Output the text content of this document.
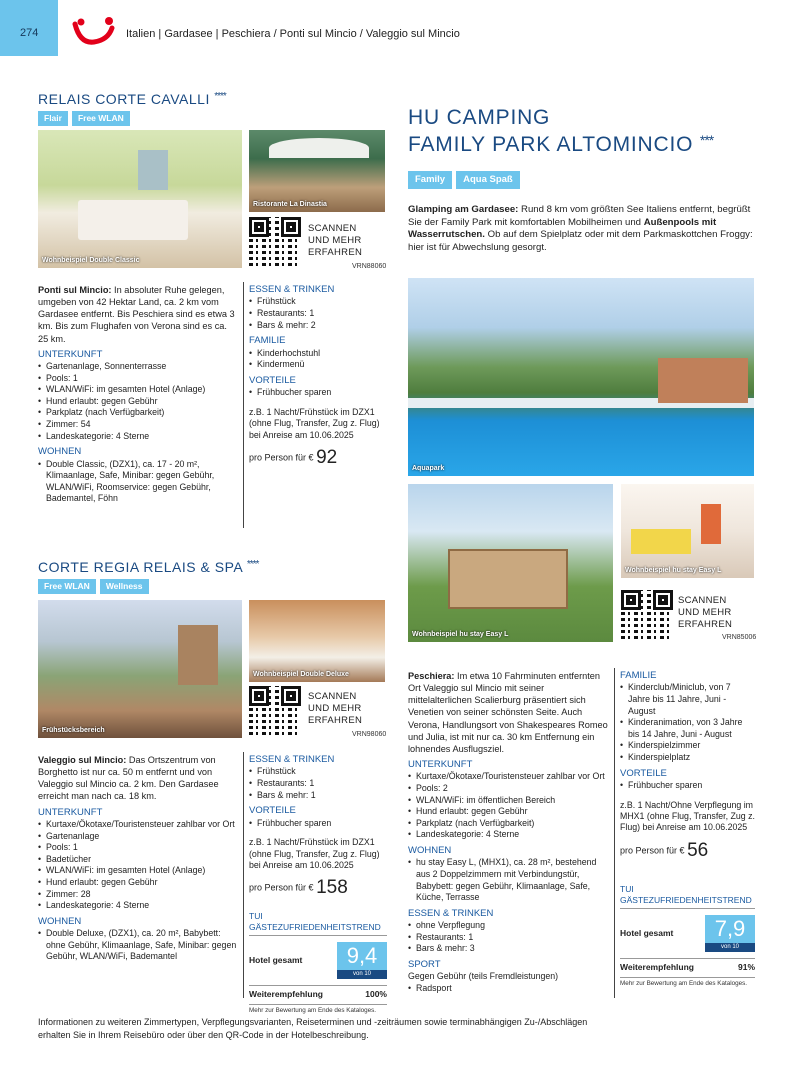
274	Italien | Gardasee | Peschiera / Ponti sul Mincio / Valeggio sul Mincio
RELAIS CORTE CAVALLI ****
Flair	Free WLAN
Wohnbeispiel Double Classic
Ristorante La Dinastia
SCANNEN
UND MEHR
ERFAHREN
VRN88060
Ponti sul Mincio: In absoluter Ruhe gelegen, umgeben von 42 Hektar Land, ca. 2 km vom Gardasee entfernt. Bis Peschiera sind es etwa 3 km. Bis zum Flughafen von Verona sind es ca. 25 km.
UNTERKUNFT
• Gartenanlage, Sonnenterrasse
• Pools: 1
• WLAN/WiFi: im gesamten Hotel (Anlage)
• Hund erlaubt: gegen Gebühr
• Parkplatz (nach Verfügbarkeit)
• Zimmer: 54
• Landeskategorie: 4 Sterne
WOHNEN
• Double Classic, (DZX1), ca. 17 - 20 m², Klimaanlage, Safe, Minibar: gegen Gebühr, WLAN/WiFi, Roomservice: gegen Gebühr, Bademantel, Föhn
ESSEN & TRINKEN
• Frühstück
• Restaurants: 1
• Bars & mehr: 2
FAMILIE
• Kinderhochstuhl
• Kindermenü
VORTEILE
• Frühbucher sparen
z.B. 1 Nacht/Frühstück im DZX1 (ohne Flug, Transfer, Zug z. Flug) bei Anreise am 10.06.2025
pro Person für € 92
CORTE REGIA RELAIS & SPA ****
Free WLAN	Wellness
Frühstücksbereich
Wohnbeispiel Double Deluxe
SCANNEN
UND MEHR
ERFAHREN
VRN98060
Valeggio sul Mincio: Das Ortszentrum von Borghetto ist nur ca. 50 m entfernt und von Valeggio sul Mincio ca. 2 km. Den Gardasee erreicht man nach ca. 18 km.
UNTERKUNFT
• Kurtaxe/Ökotaxe/Touristensteuer zahlbar vor Ort
• Gartenanlage
• Pools: 1
• Badetücher
• WLAN/WiFi: im gesamten Hotel (Anlage)
• Hund erlaubt: gegen Gebühr
• Zimmer: 28
• Landeskategorie: 4 Sterne
WOHNEN
• Double Deluxe, (DZX1), ca. 20 m², Babybett: ohne Gebühr, Klimaanlage, Safe, Minibar: gegen Gebühr, WLAN/WiFi, Bademantel
ESSEN & TRINKEN
• Frühstück
• Restaurants: 1
• Bars & mehr: 1
VORTEILE
• Frühbucher sparen
z.B. 1 Nacht/Frühstück im DZX1 (ohne Flug, Transfer, Zug z. Flug) bei Anreise am 10.06.2025
pro Person für € 158
TUI GÄSTEZUFRIEDENHEITSTREND
Hotel gesamt	9,4
von 10
Weiterempfehlung	100%
Mehr zur Bewertung am Ende des Kataloges.
HU CAMPING
FAMILY PARK ALTOMINCIO ***
Family	Aqua Spaß
Glamping am Gardasee: Rund 8 km vom größten See Italiens entfernt, begrüßt Sie der Family Park mit komfortablen Mobilheimen und Außenpools mit Wasserrutschen. Ob auf dem Spielplatz oder mit dem Parkmaskottchen Froggy: hier ist für Abwechslung gesorgt.
Aquapark
Wohnbeispiel hu stay Easy L
Wohnbeispiel hu stay Easy L
SCANNEN
UND MEHR
ERFAHREN
VRN85006
Peschiera: Im etwa 10 Fahrminuten entfernten Ort Valeggio sul Mincio mit seiner mittelalterlichen Scalierburg präsentiert sich Venetien von seiner schönsten Seite. Auch Verona, Handlungsort von Shakespeares Romeo und Julia, ist mit nur ca. 30 km Entfernung ein lohnendes Ausflugsziel.
UNTERKUNFT
• Kurtaxe/Ökotaxe/Touristensteuer zahlbar vor Ort
• Pools: 2
• WLAN/WiFi: im öffentlichen Bereich
• Hund erlaubt: gegen Gebühr
• Parkplatz (nach Verfügbarkeit)
• Landeskategorie: 4 Sterne
WOHNEN
• hu stay Easy L, (MHX1), ca. 28 m², bestehend aus 2 Doppelzimmern mit Verbindungstür, Babybett: gegen Gebühr, Klimaanlage, Safe, Küche, Terrasse
ESSEN & TRINKEN
• ohne Verpflegung
• Restaurants: 1
• Bars & mehr: 3
SPORT
Gegen Gebühr (teils Fremdleistungen)
• Radsport
FAMILIE
• Kinderclub/Miniclub, von 7 Jahre bis 11 Jahre, Juni - August
• Kinderanimation, von 3 Jahre bis 14 Jahre, Juni - August
• Kinderspielzimmer
• Kinderspielplatz
VORTEILE
• Frühbucher sparen
z.B. 1 Nacht/Ohne Verpflegung im MHX1 (ohne Flug, Transfer, Zug z. Flug) bei Anreise am 10.06.2025
pro Person für € 56
TUI GÄSTEZUFRIEDENHEITSTREND
Hotel gesamt	7,9
von 10
Weiterempfehlung	91%
Mehr zur Bewertung am Ende des Kataloges.
Informationen zu weiteren Zimmertypen, Verpflegungsvarianten, Reiseterminen und -zeiträumen sowie terminabhängigen Zu-/Abschlägen erhalten Sie in Ihrem Reisebüro oder über den QR-Code in der Hotelbeschreibung.
